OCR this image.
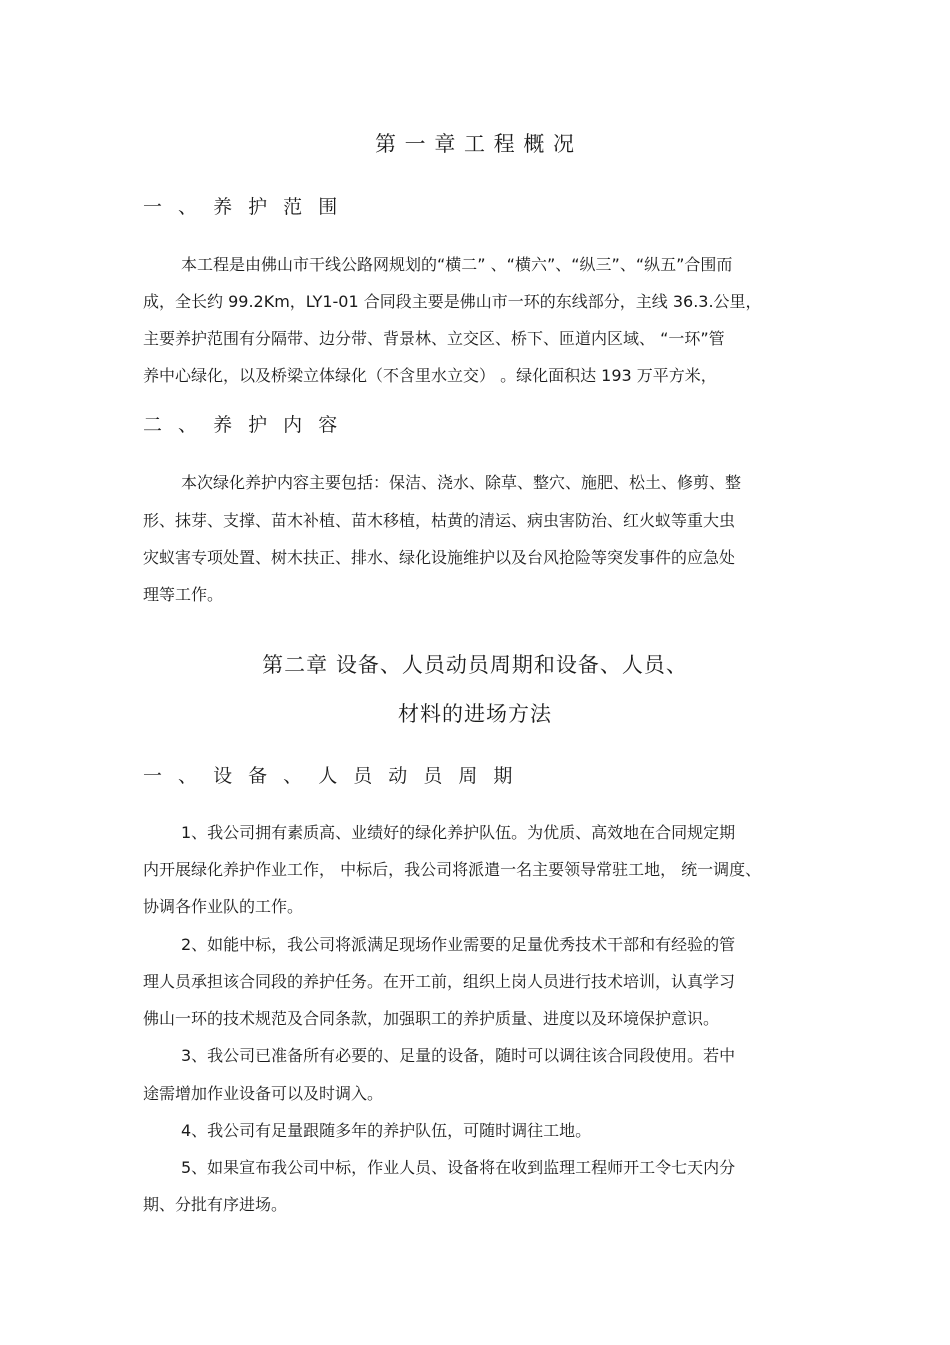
第 一 章 工 程 概 况
一 、 养 护 范 围
本工程是由佛山市干线公路网规划的“横二” 、“横六”、“纵三”、“纵五”合围而
成，全长约 99.2Km，LY1-01 合同段主要是佛山市一环的东线部分，主线 36.3.公里，
主要养护范围有分隔带、边分带、背景林、立交区、桥下、匝道内区域、 “一环”管
养中心绿化，以及桥梁立体绿化（不含里水立交） 。绿化面积达 193 万平方米，
二 、 养 护 内 容
本次绿化养护内容主要包括：保洁、浇水、除草、整穴、施肥、松土、修剪、整
形、抹芽、支撑、苗木补植、苗木移植，枯黄的清运、病虫害防治、红火蚁等重大虫
灾蚁害专项处置、树木扶正、排水、绿化设施维护以及台风抢险等突发事件的应急处
理等工作。
第二章 设备、人员动员周期和设备、人员、
材料的进场方法
一 、 设 备 、 人 员 动 员 周 期
1、我公司拥有素质高、业绩好的绿化养护队伍。为优质、高效地在合同规定期
内开展绿化养护作业工作， 中标后，我公司将派遣一名主要领导常驻工地， 统一调度、
协调各作业队的工作。
2、如能中标，我公司将派满足现场作业需要的足量优秀技术干部和有经验的管
理人员承担该合同段的养护任务。在开工前，组织上岗人员进行技术培训，认真学习
佛山一环的技术规范及合同条款，加强职工的养护质量、进度以及环境保护意识。
3、我公司已准备所有必要的、足量的设备，随时可以调往该合同段使用。若中
途需增加作业设备可以及时调入。
4、我公司有足量跟随多年的养护队伍，可随时调往工地。
5、如果宣布我公司中标，作业人员、设备将在收到监理工程师开工令七天内分
期、分批有序进场。
